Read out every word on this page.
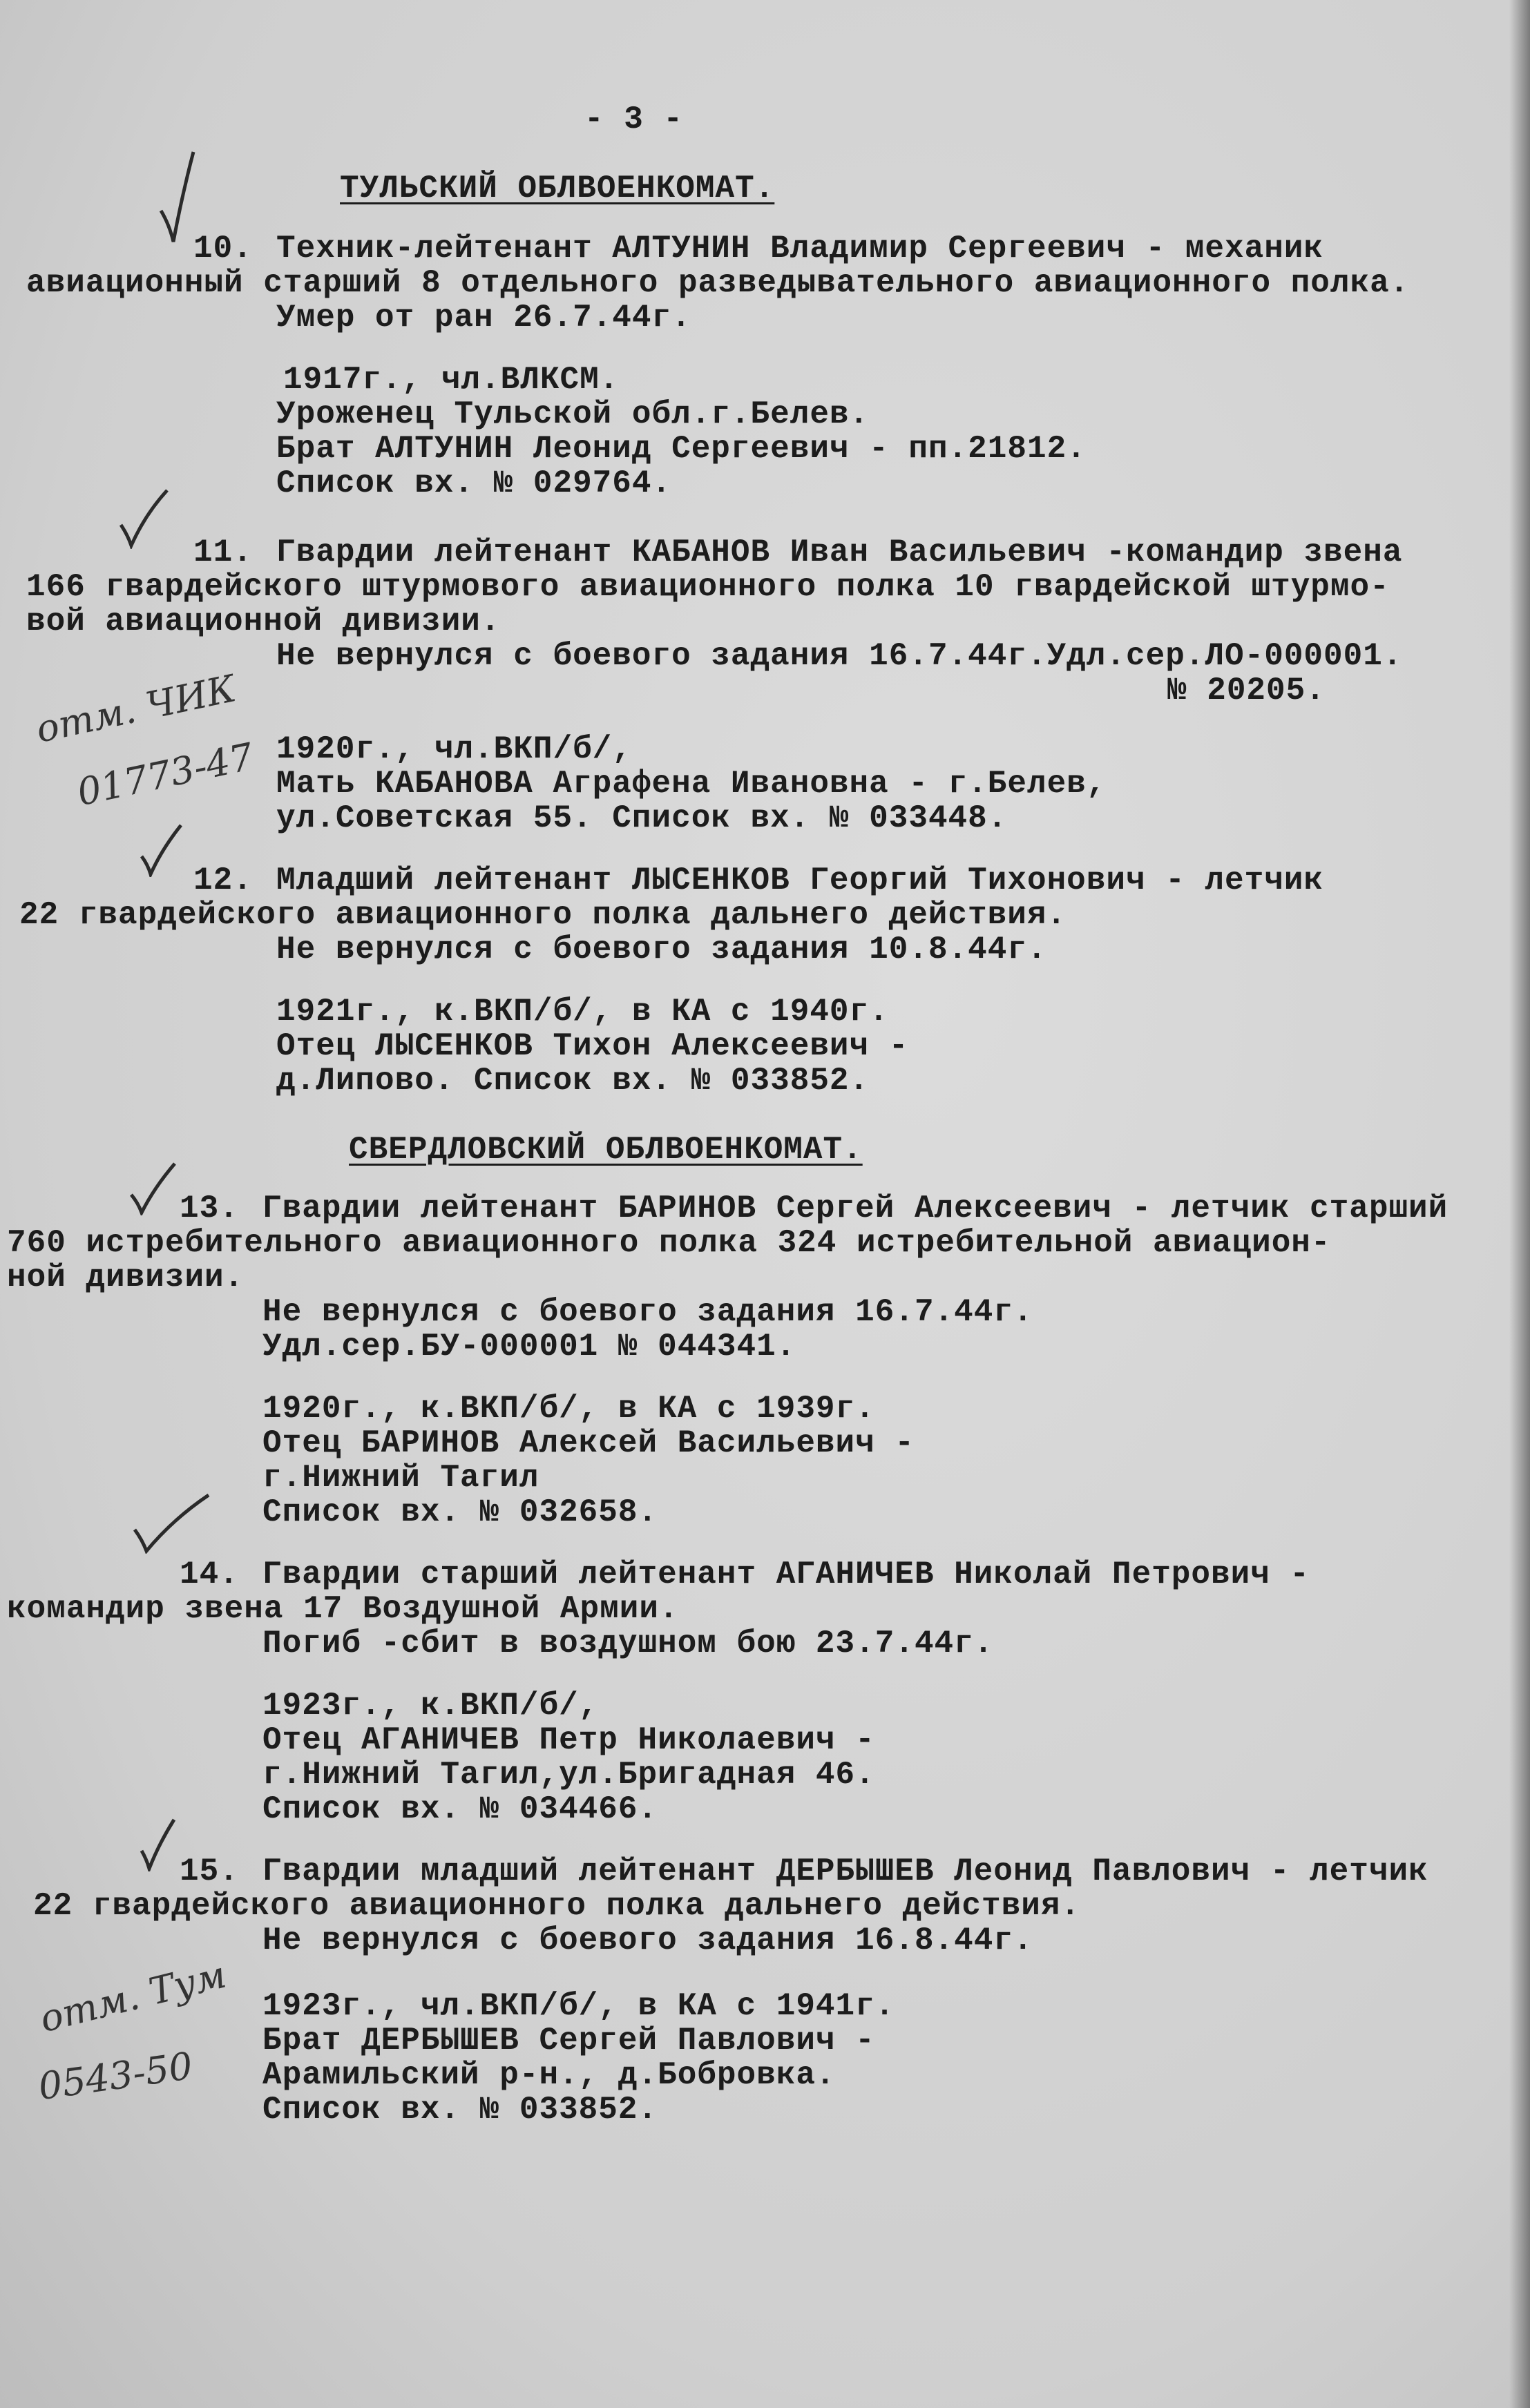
- 3 -
ТУЛЬСКИЙ ОБЛВОЕНКОМАТ.
10. Техник-лейтенант АЛТУНИН Владимир Сергеевич - механик
авиационный старший 8 отдельного разведывательного авиационного полка.
Умер от ран 26.7.44г.
1917г., чл.ВЛКСМ.
Уроженец Тульской обл.г.Белев.
Брат АЛТУНИН Леонид Сергеевич - пп.21812.
Список вх. № 029764.
11. Гвардии лейтенант КАБАНОВ Иван Васильевич -командир звена
166 гвардейского штурмового авиационного полка 10 гвардейской штурмо-
вой авиационной дивизии.
Не вернулся с боевого задания 16.7.44г.Удл.сер.ЛО-000001.
№ 20205.
1920г., чл.ВКП/б/,
Мать КАБАНОВА Аграфена Ивановна - г.Белев,
ул.Советская 55. Список вх. № 033448.
отм. ЧИК
01773-47
12. Младший лейтенант ЛЫСЕНКОВ Георгий Тихонович - летчик
22 гвардейского авиационного полка дальнего действия.
Не вернулся с боевого задания 10.8.44г.
1921г., к.ВКП/б/, в КА с 1940г.
Отец ЛЫСЕНКОВ Тихон Алексеевич -
д.Липово. Список вх. № 033852.
СВЕРДЛОВСКИЙ ОБЛВОЕНКОМАТ.
13. Гвардии лейтенант БАРИНОВ Сергей Алексеевич - летчик старший
760 истребительного авиационного полка 324 истребительной авиацион-
ной дивизии.
Не вернулся с боевого задания 16.7.44г.
Удл.сер.БУ-000001 № 044341.
1920г., к.ВКП/б/, в КА с 1939г.
Отец БАРИНОВ Алексей Васильевич -
г.Нижний Тагил
Список вх. № 032658.
14. Гвардии старший лейтенант АГАНИЧЕВ Николай Петрович -
командир звена 17 Воздушной Армии.
Погиб -сбит в воздушном бою 23.7.44г.
1923г., к.ВКП/б/,
Отец АГАНИЧЕВ Петр Николаевич -
г.Нижний Тагил,ул.Бригадная 46.
Список вх. № 034466.
15. Гвардии младший лейтенант ДЕРБЫШЕВ Леонид Павлович - летчик
22 гвардейского авиационного полка дальнего действия.
Не вернулся с боевого задания 16.8.44г.
1923г., чл.ВКП/б/, в КА с 1941г.
Брат ДЕРБЫШЕВ Сергей Павлович -
Арамильский р-н., д.Бобровка.
Список вх. № 033852.
отм. Тум
0543-50
